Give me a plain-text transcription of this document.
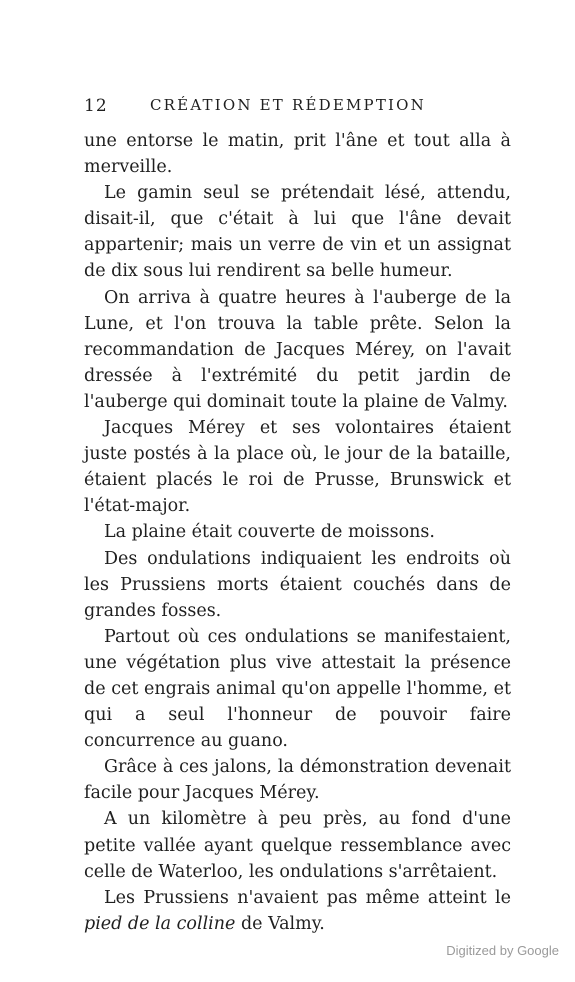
12	CRÉATION ET RÉDEMPTION

une entorse le matin, prit l'âne et tout alla à merveille.

Le gamin seul se prétendait lésé, attendu, disait-il, que c'était à lui que l'âne devait appartenir; mais un verre de vin et un assignat de dix sous lui rendirent sa belle humeur.

On arriva à quatre heures à l'auberge de la Lune, et l'on trouva la table prête. Selon la recommandation de Jacques Mérey, on l'avait dressée à l'extrémité du petit jardin de l'auberge qui dominait toute la plaine de Valmy.

Jacques Mérey et ses volontaires étaient juste postés à la place où, le jour de la bataille, étaient placés le roi de Prusse, Brunswick et l'état-major.

La plaine était couverte de moissons.

Des ondulations indiquaient les endroits où les Prussiens morts étaient couchés dans de grandes fosses.

Partout où ces ondulations se manifestaient, une végétation plus vive attestait la présence de cet engrais animal qu'on appelle l'homme, et qui a seul l'honneur de pouvoir faire concurrence au guano.

Grâce à ces jalons, la démonstration devenait facile pour Jacques Mérey.

A un kilomètre à peu près, au fond d'une petite vallée ayant quelque ressemblance avec celle de Waterloo, les ondulations s'arrêtaient.

Les Prussiens n'avaient pas même atteint le pied de la colline de Valmy.

Digitized by Google
